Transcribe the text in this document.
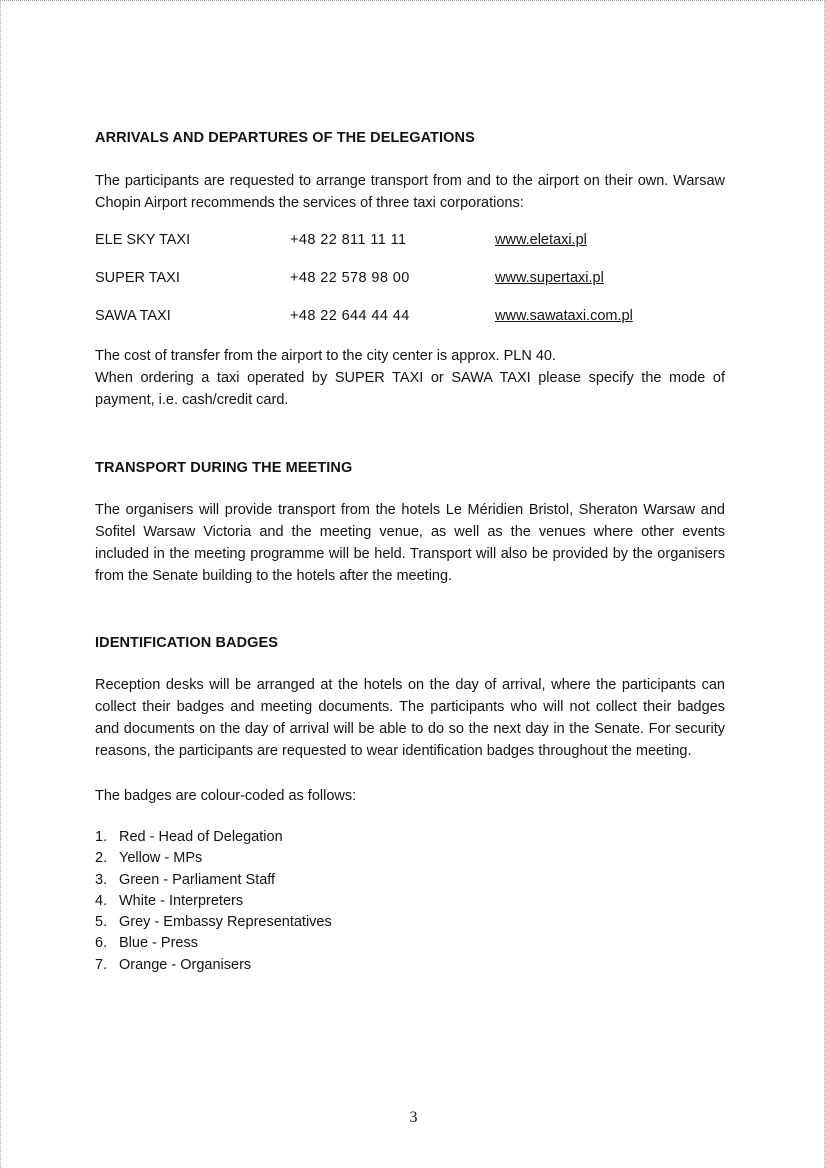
ARRIVALS AND DEPARTURES OF THE DELEGATIONS

The participants are requested to arrange transport from and to the airport on their own. Warsaw Chopin Airport recommends the services of three taxi corporations:

ELE SKY TAXI	+48 22 811 11 11	www.eletaxi.pl
SUPER TAXI	+48 22 578 98 00	www.supertaxi.pl
SAWA TAXI	+48 22 644 44 44	www.sawataxi.com.pl

The cost of transfer from the airport to the city center is approx. PLN 40.

When ordering a taxi operated by SUPER TAXI or SAWA TAXI please specify the mode of payment, i.e. cash/credit card.

TRANSPORT DURING THE MEETING

The organisers will provide transport from the hotels Le Méridien Bristol, Sheraton Warsaw and Sofitel Warsaw Victoria and the meeting venue, as well as the venues where other events included in the meeting programme will be held. Transport will also be provided by the organisers from the Senate building to the hotels after the meeting.

IDENTIFICATION BADGES

Reception desks will be arranged at the hotels on the day of arrival, where the participants can collect their badges and meeting documents. The participants who will not collect their badges and documents on the day of arrival will be able to do so the next day in the Senate. For security reasons, the participants are requested to wear identification badges throughout the meeting.

The badges are colour-coded as follows:

1. Red - Head of Delegation
2. Yellow - MPs
3. Green - Parliament Staff
4. White - Interpreters
5. Grey - Embassy Representatives
6. Blue - Press
7. Orange - Organisers
3
